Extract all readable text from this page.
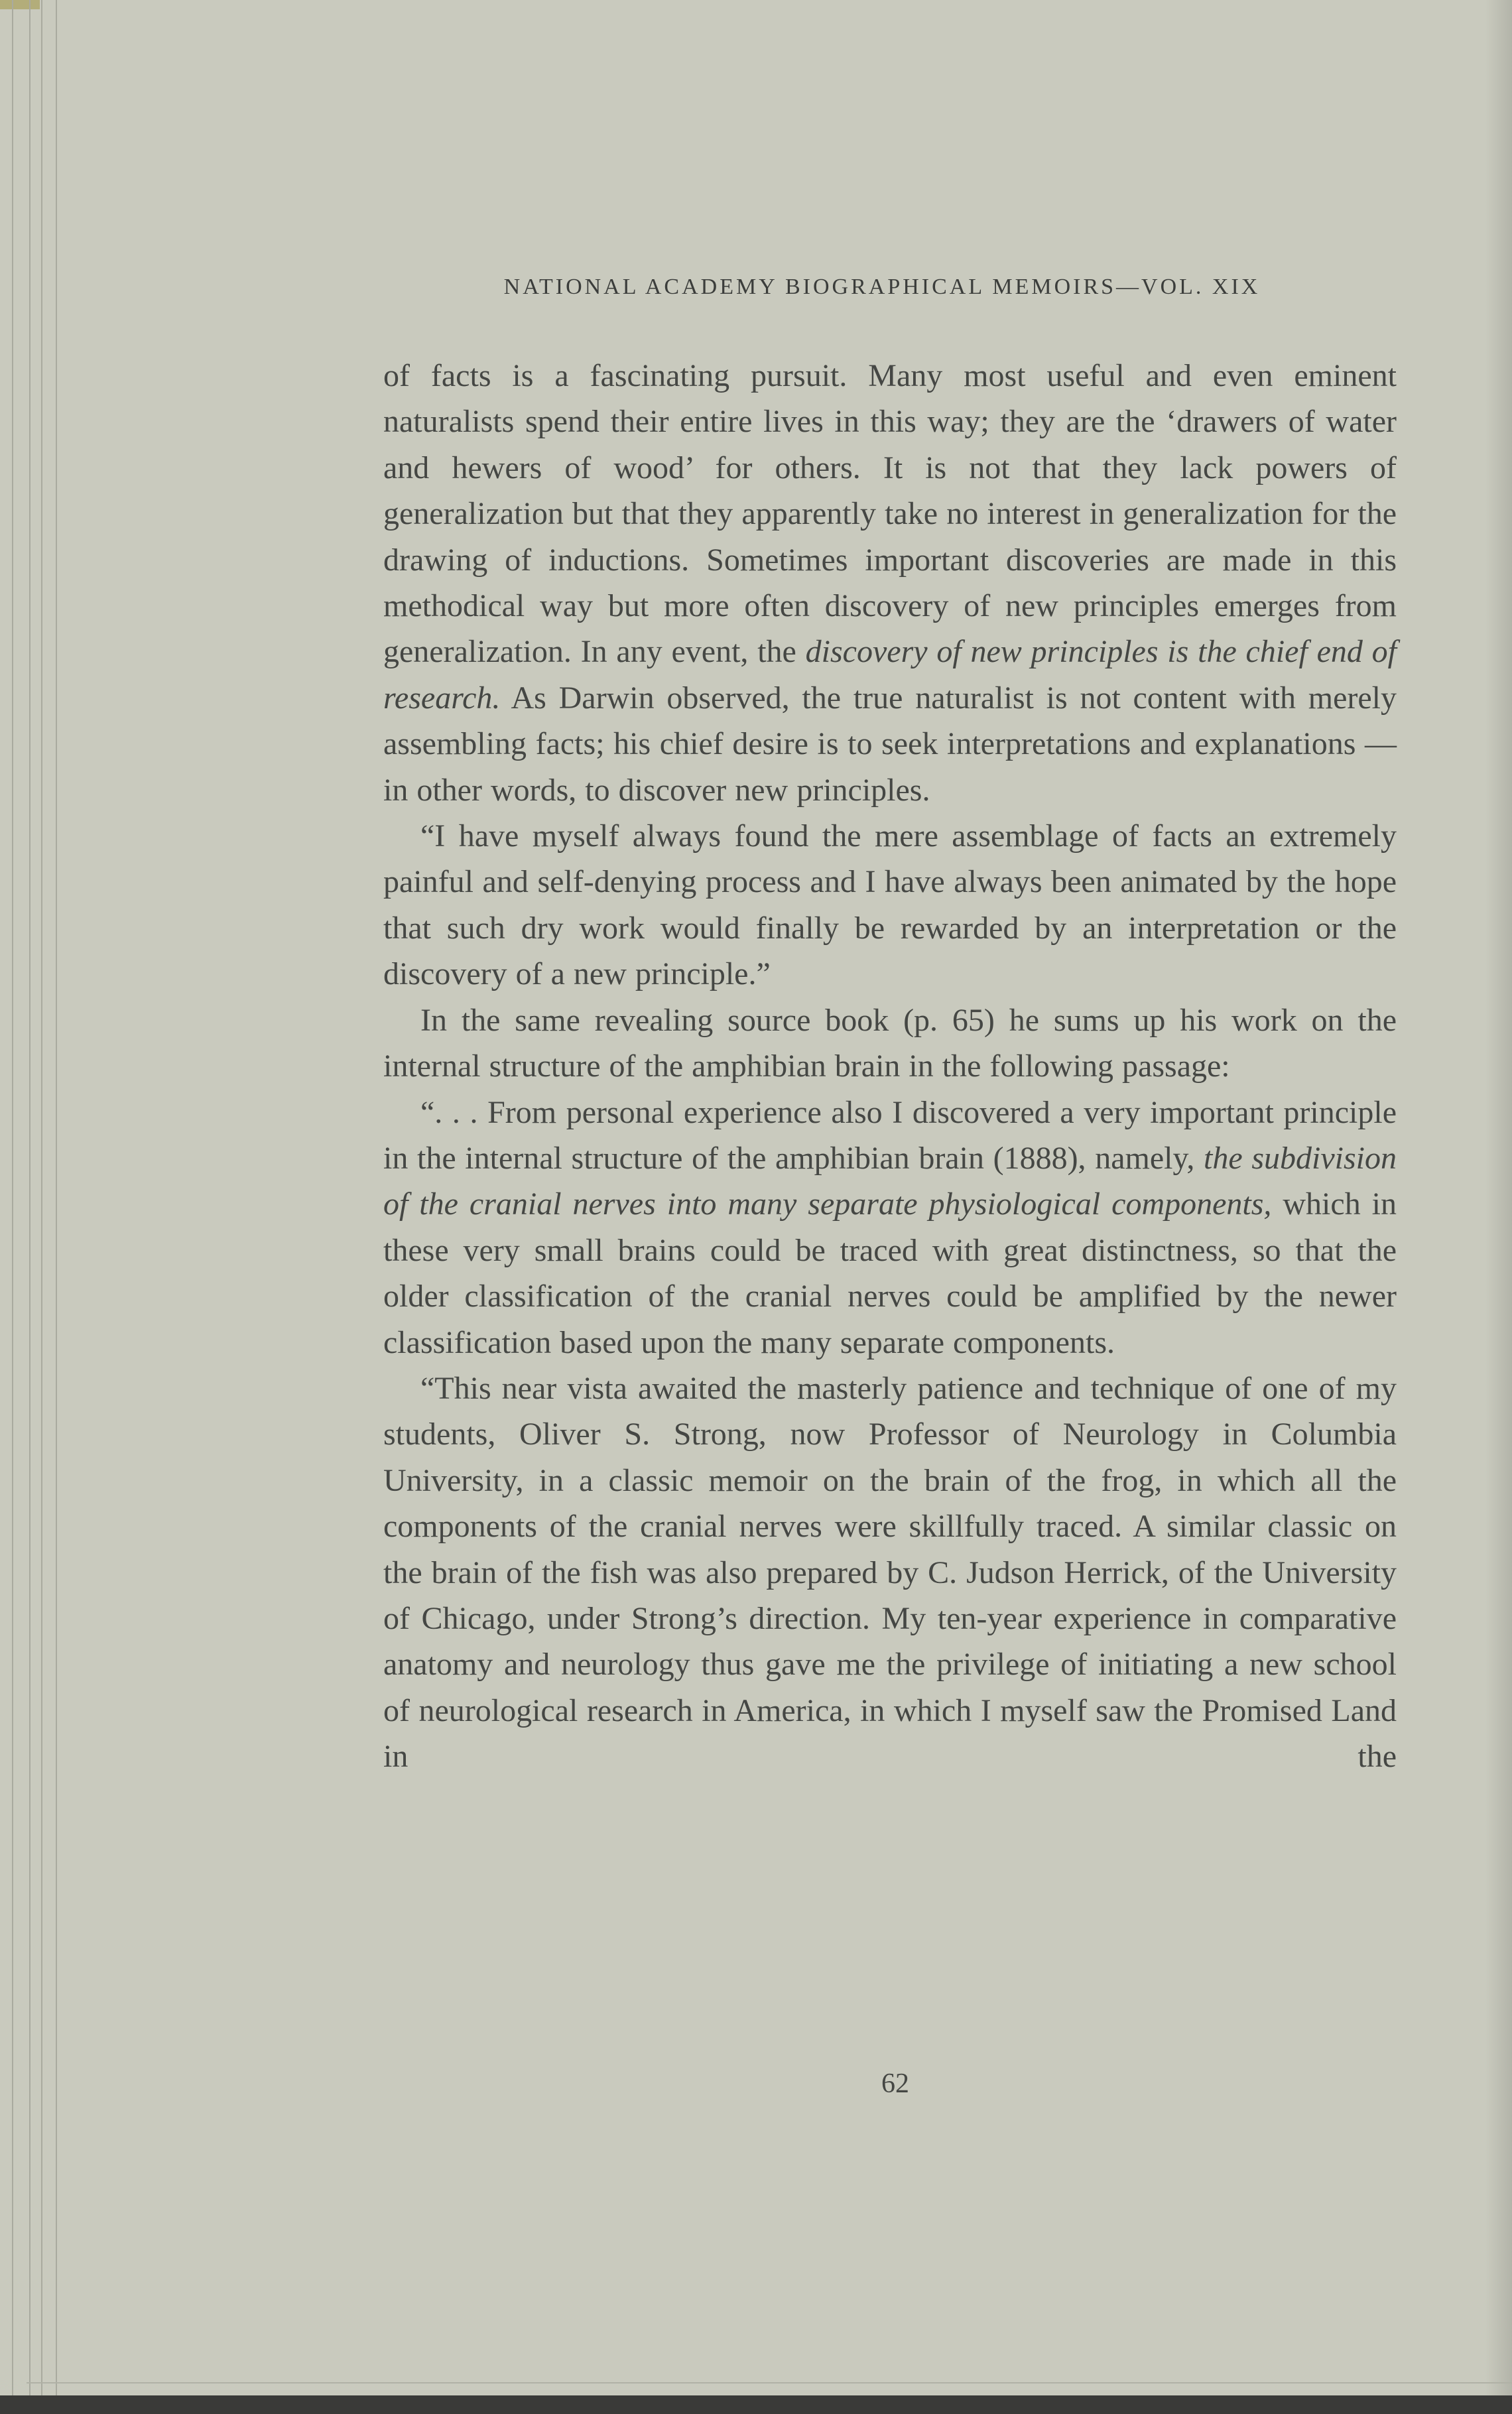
NATIONAL ACADEMY BIOGRAPHICAL MEMOIRS—VOL. XIX

of facts is a fascinating pursuit. Many most useful and even eminent naturalists spend their entire lives in this way; they are the ‘drawers of water and hewers of wood’ for others. It is not that they lack powers of generalization but that they apparently take no interest in generalization for the drawing of inductions. Sometimes important discoveries are made in this methodical way but more often discovery of new principles emerges from generalization. In any event, the discovery of new principles is the chief end of research. As Darwin observed, the true naturalist is not content with merely assembling facts; his chief desire is to seek interpretations and explanations —in other words, to discover new principles.

“I have myself always found the mere assemblage of facts an extremely painful and self-denying process and I have always been animated by the hope that such dry work would finally be rewarded by an interpretation or the discovery of a new principle.”

In the same revealing source book (p. 65) he sums up his work on the internal structure of the amphibian brain in the following passage:

“. . . From personal experience also I discovered a very important principle in the internal structure of the amphibian brain (1888), namely, the subdivision of the cranial nerves into many separate physiological components, which in these very small brains could be traced with great distinctness, so that the older classification of the cranial nerves could be amplified by the newer classification based upon the many separate components.

“This near vista awaited the masterly patience and technique of one of my students, Oliver S. Strong, now Professor of Neurology in Columbia University, in a classic memoir on the brain of the frog, in which all the components of the cranial nerves were skillfully traced. A similar classic on the brain of the fish was also prepared by C. Judson Herrick, of the University of Chicago, under Strong’s direction. My ten-year experience in comparative anatomy and neurology thus gave me the privilege of initiating a new school of neurological research in America, in which I myself saw the Promised Land in the

62
